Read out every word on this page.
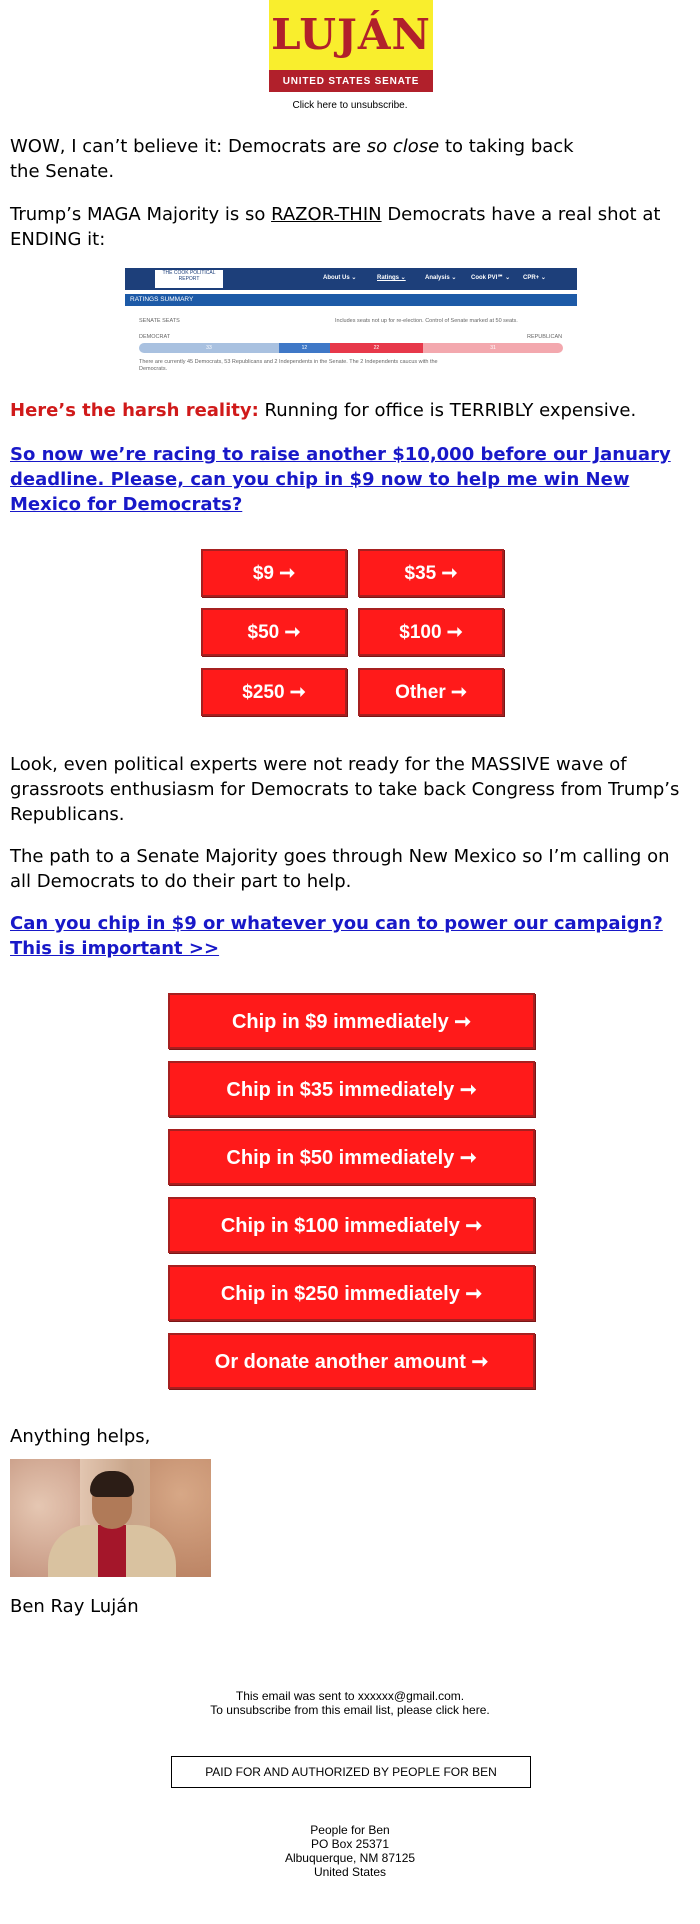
LUJÁN
UNITED STATES SENATE
Click here to unsubscribe.

WOW, I can’t believe it: Democrats are so close to taking back the Senate.

Trump’s MAGA Majority is so RAZOR-THIN Democrats have a real shot at ENDING it:

THE COOK POLITICAL REPORT	About Us ⌄	Ratings ⌄	Analysis ⌄ Cook PVI℠ ⌄ CPR+ ⌄
RATINGS SUMMARY
SENATE SEATS	Includes seats not up for re-election. Control of Senate marked at 50 seats.
DEMOCRAT	REPUBLICAN
33	12	22	31
There are currently 45 Democrats, 53 Republicans and 2 Independents in the Senate. The 2 Independents caucus with the Democrats.

Here’s the harsh reality: Running for office is TERRIBLY expensive.

So now we’re racing to raise another $10,000 before our January deadline. Please, can you chip in $9 now to help me win New Mexico for Democrats?

$9 ➞	$35 ➞
$50 ➞	$100 ➞
$250 ➞	Other ➞

Look, even political experts were not ready for the MASSIVE wave of grassroots enthusiasm for Democrats to take back Congress from Trump’s Republicans.

The path to a Senate Majority goes through New Mexico so I’m calling on all Democrats to do their part to help.

Can you chip in $9 or whatever you can to power our campaign? This is important >>

Chip in $9 immediately ➞
Chip in $35 immediately ➞
Chip in $50 immediately ➞
Chip in $100 immediately ➞
Chip in $250 immediately ➞
Or donate another amount ➞
Anything helps,
Ben Ray Luján
This email was sent to xxxxxx@gmail.com.
To unsubscribe from this email list, please click here.
PAID FOR AND AUTHORIZED BY PEOPLE FOR BEN
People for Ben
PO Box 25371
Albuquerque, NM 87125
United States
